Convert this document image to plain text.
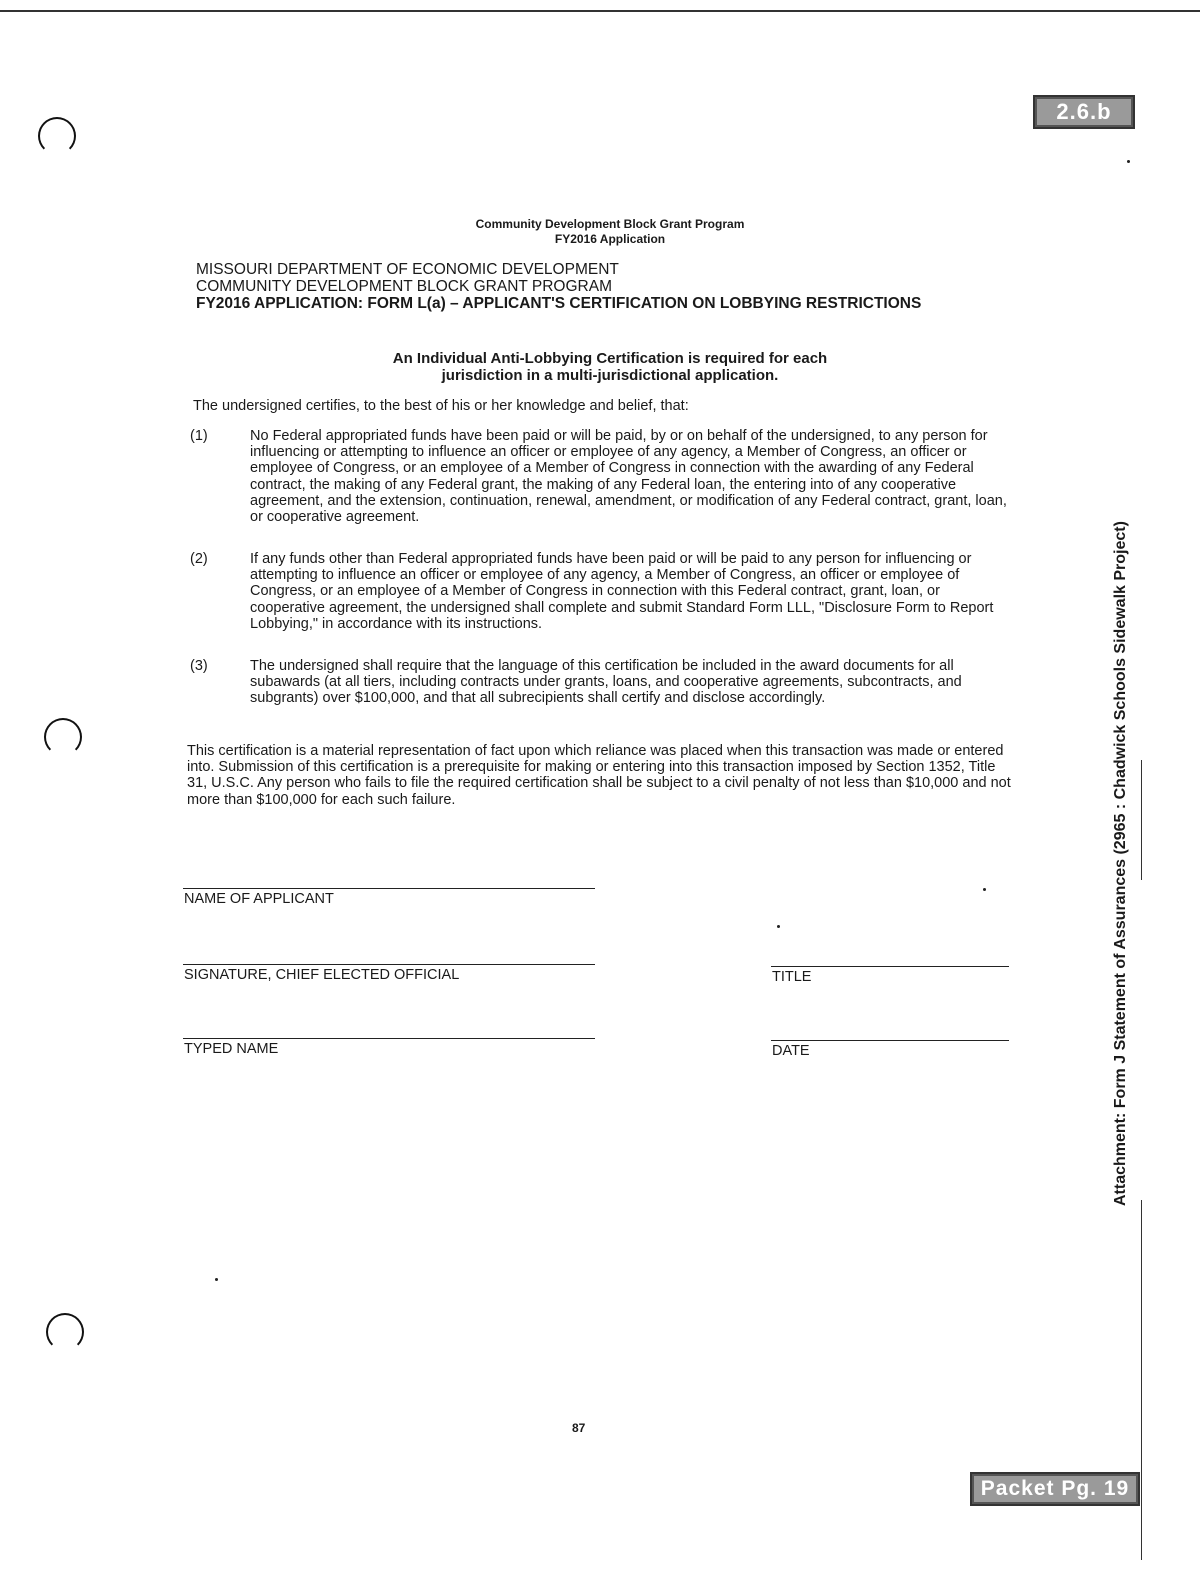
2.6.b
Packet Pg. 19
Community Development Block Grant Program
FY2016 Application
MISSOURI DEPARTMENT OF ECONOMIC DEVELOPMENT
COMMUNITY DEVELOPMENT BLOCK GRANT PROGRAM
FY2016 APPLICATION: FORM L(a) – APPLICANT'S CERTIFICATION ON LOBBYING RESTRICTIONS
An Individual Anti-Lobbying Certification is required for each
jurisdiction in a multi-jurisdictional application.
The undersigned certifies, to the best of his or her knowledge and belief, that:
(1)	No Federal appropriated funds have been paid or will be paid, by or on behalf of the undersigned, to any person for influencing or attempting to influence an officer or employee of any agency, a Member of Congress, an officer or employee of Congress, or an employee of a Member of Congress in connection with the awarding of any Federal contract, the making of any Federal grant, the making of any Federal loan, the entering into of any cooperative agreement, and the extension, continuation, renewal, amendment, or modification of any Federal contract, grant, loan, or cooperative agreement.
(2)	If any funds other than Federal appropriated funds have been paid or will be paid to any person for influencing or attempting to influence an officer or employee of any agency, a Member of Congress, an officer or employee of Congress, or an employee of a Member of Congress in connection with this Federal contract, grant, loan, or cooperative agreement, the undersigned shall complete and submit Standard Form LLL, "Disclosure Form to Report Lobbying," in accordance with its instructions.
(3)	The undersigned shall require that the language of this certification be included in the award documents for all subawards (at all tiers, including contracts under grants, loans, and cooperative agreements, subcontracts, and subgrants) over $100,000, and that all subrecipients shall certify and disclose accordingly.
This certification is a material representation of fact upon which reliance was placed when this transaction was made or entered into. Submission of this certification is a prerequisite for making or entering into this transaction imposed by Section 1352, Title 31, U.S.C. Any person who fails to file the required certification shall be subject to a civil penalty of not less than $10,000 and not more than $100,000 for each such failure.
NAME OF APPLICANT
SIGNATURE, CHIEF ELECTED OFFICIAL	TITLE
TYPED NAME	DATE
87
Attachment: Form J Statement of Assurances (2965 : Chadwick Schools Sidewalk Project)
